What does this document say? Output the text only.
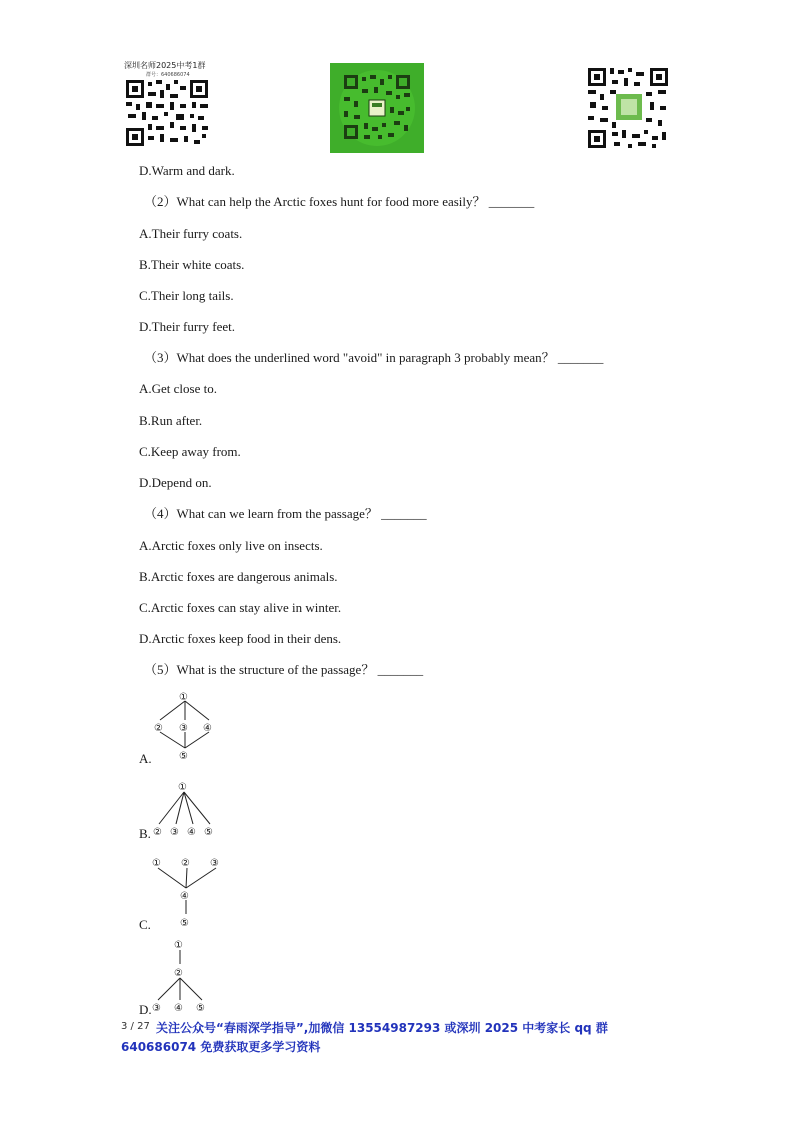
深圳名师2025中考1群
群号：640686074
D.Warm and dark.
（2）What can help the Arctic foxes hunt for food more easily？ _______
A.Their furry coats.
B.Their white coats.
C.Their long tails.
D.Their furry feet.
（3）What does the underlined word "avoid" in paragraph 3 probably mean？ _______
A.Get close to.
B.Run after.
C.Keep away from.
D.Depend on.
（4）What can we learn from the passage？ _______
A.Arctic foxes only live on insects.
B.Arctic foxes are dangerous animals.
C.Arctic foxes can stay alive in winter.
D.Arctic foxes keep food in their dens.
（5）What is the structure of the passage？ _______
A.
①
② ③ ④
⑤
B.
①
② ③ ④ ⑤
C.
① ② ③
④
⑤
D.
①
②
③ ④ ⑤
3 / 27 关注公众号“春雨深学指导”,加微信 13554987293 或深圳 2025 中考家长 qq 群
640686074 免费获取更多学习资料
